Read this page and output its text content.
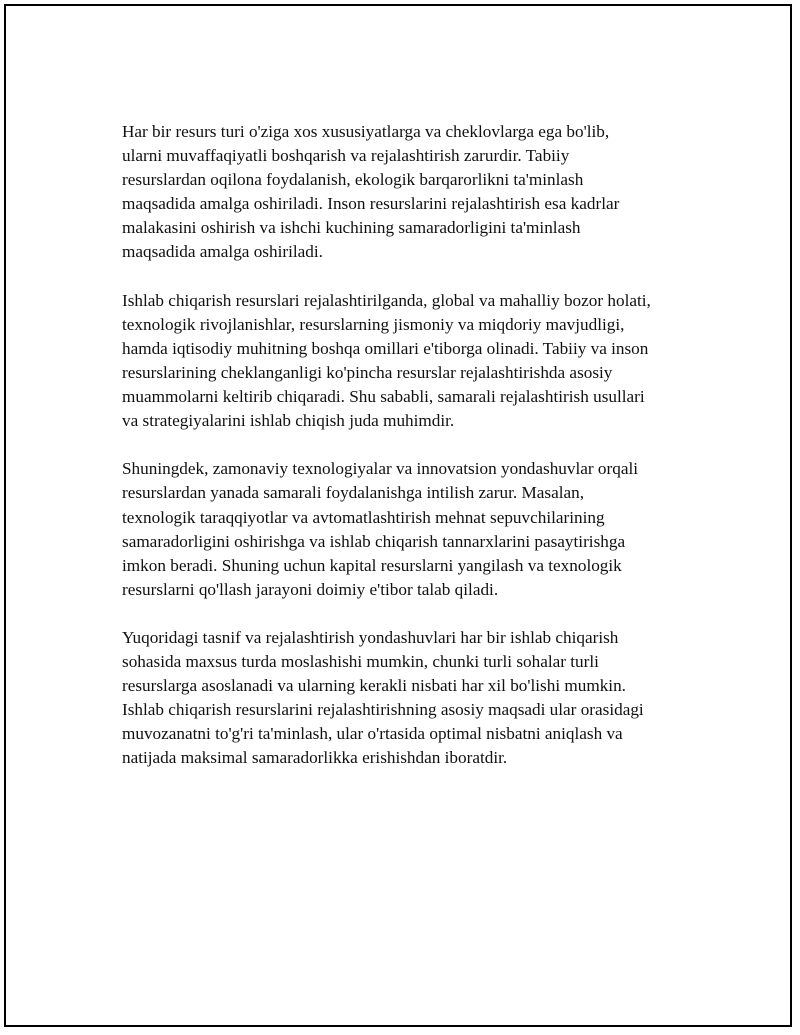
Har bir resurs turi o'ziga xos xususiyatlarga va cheklovlarga ega bo'lib,
ularni muvaffaqiyatli boshqarish va rejalashtirish zarurdir. Tabiiy
resurslardan oqilona foydalanish, ekologik barqarorlikni ta'minlash
maqsadida amalga oshiriladi. Inson resurslarini rejalashtirish esa kadrlar
malakasini oshirish va ishchi kuchining samaradorligini ta'minlash
maqsadida amalga oshiriladi.

Ishlab chiqarish resurslari rejalashtirilganda, global va mahalliy bozor holati,
texnologik rivojlanishlar, resurslarning jismoniy va miqdoriy mavjudligi,
hamda iqtisodiy muhitning boshqa omillari e'tiborga olinadi. Tabiiy va inson
resurslarining cheklanganligi ko'pincha resurslar rejalashtirishda asosiy
muammolarni keltirib chiqaradi. Shu sababli, samarali rejalashtirish usullari
va strategiyalarini ishlab chiqish juda muhimdir.

Shuningdek, zamonaviy texnologiyalar va innovatsion yondashuvlar orqali
resurslardan yanada samarali foydalanishga intilish zarur. Masalan,
texnologik taraqqiyotlar va avtomatlashtirish mehnat sepuvchilarining
samaradorligini oshirishga va ishlab chiqarish tannarxlarini pasaytirishga
imkon beradi. Shuning uchun kapital resurslarni yangilash va texnologik
resurslarni qo'llash jarayoni doimiy e'tibor talab qiladi.

Yuqoridagi tasnif va rejalashtirish yondashuvlari har bir ishlab chiqarish
sohasida maxsus turda moslashishi mumkin, chunki turli sohalar turli
resurslarga asoslanadi va ularning kerakli nisbati har xil bo'lishi mumkin.
Ishlab chiqarish resurslarini rejalashtirishning asosiy maqsadi ular orasidagi
muvozanatni to'g'ri ta'minlash, ular o'rtasida optimal nisbatni aniqlash va
natijada maksimal samaradorlikka erishishdan iboratdir.
